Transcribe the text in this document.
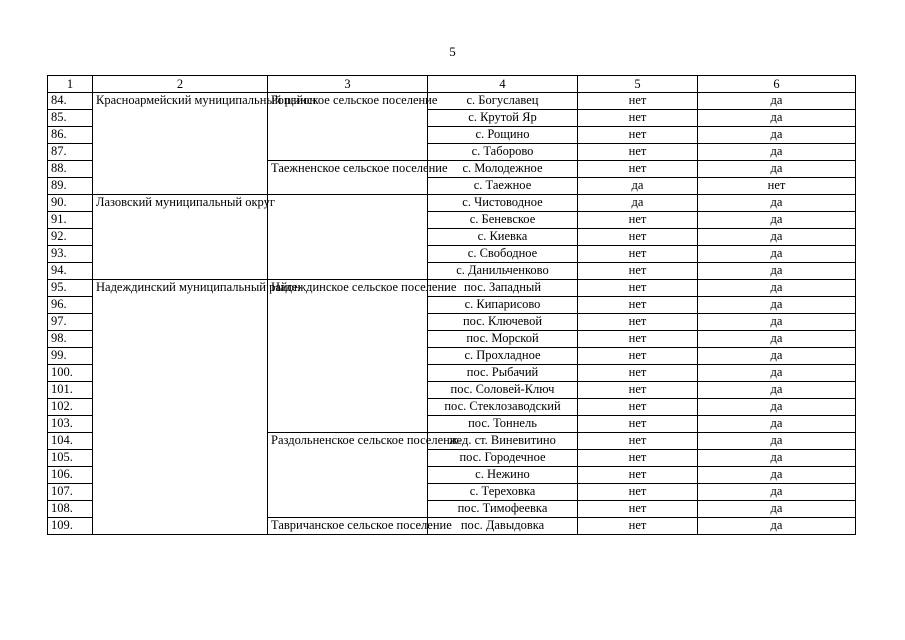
5
1	2	3	4	5	6
84.	Красноармейский муниципальный район	Рощинское сельское поселение	с. Богуславец	нет	да
85.			с. Крутой Яр	нет	да
86.			с. Рощино	нет	да
87.			с. Таборово	нет	да
88.		Таежненское сельское поселение	с. Молодежное	нет	да
89.			с. Таежное	да	нет
90.	Лазовский муниципальный округ		с. Чистоводное	да	да
91.			с. Беневское	нет	да
92.			с. Киевка	нет	да
93.			с. Свободное	нет	да
94.			с. Данильченково	нет	да
95.	Надеждинский муниципальный район	Надеждинское сельское поселение	пос. Западный	нет	да
96.			с. Кипарисово	нет	да
97.			пос. Ключевой	нет	да
98.			пос. Морской	нет	да
99.			с. Прохладное	нет	да
100.			пос. Рыбачий	нет	да
101.			пос. Соловей-Ключ	нет	да
102.			пос. Стеклозаводский	нет	да
103.			пос. Тоннель	нет	да
104.		Раздольненское сельское поселение	ж-д. ст. Виневитино	нет	да
105.			пос. Городечное	нет	да
106.			с. Нежино	нет	да
107.			с. Тереховка	нет	да
108.			пос. Тимофеевка	нет	да
109.		Тавричанское сельское поселение	пос. Давыдовка	нет	да
